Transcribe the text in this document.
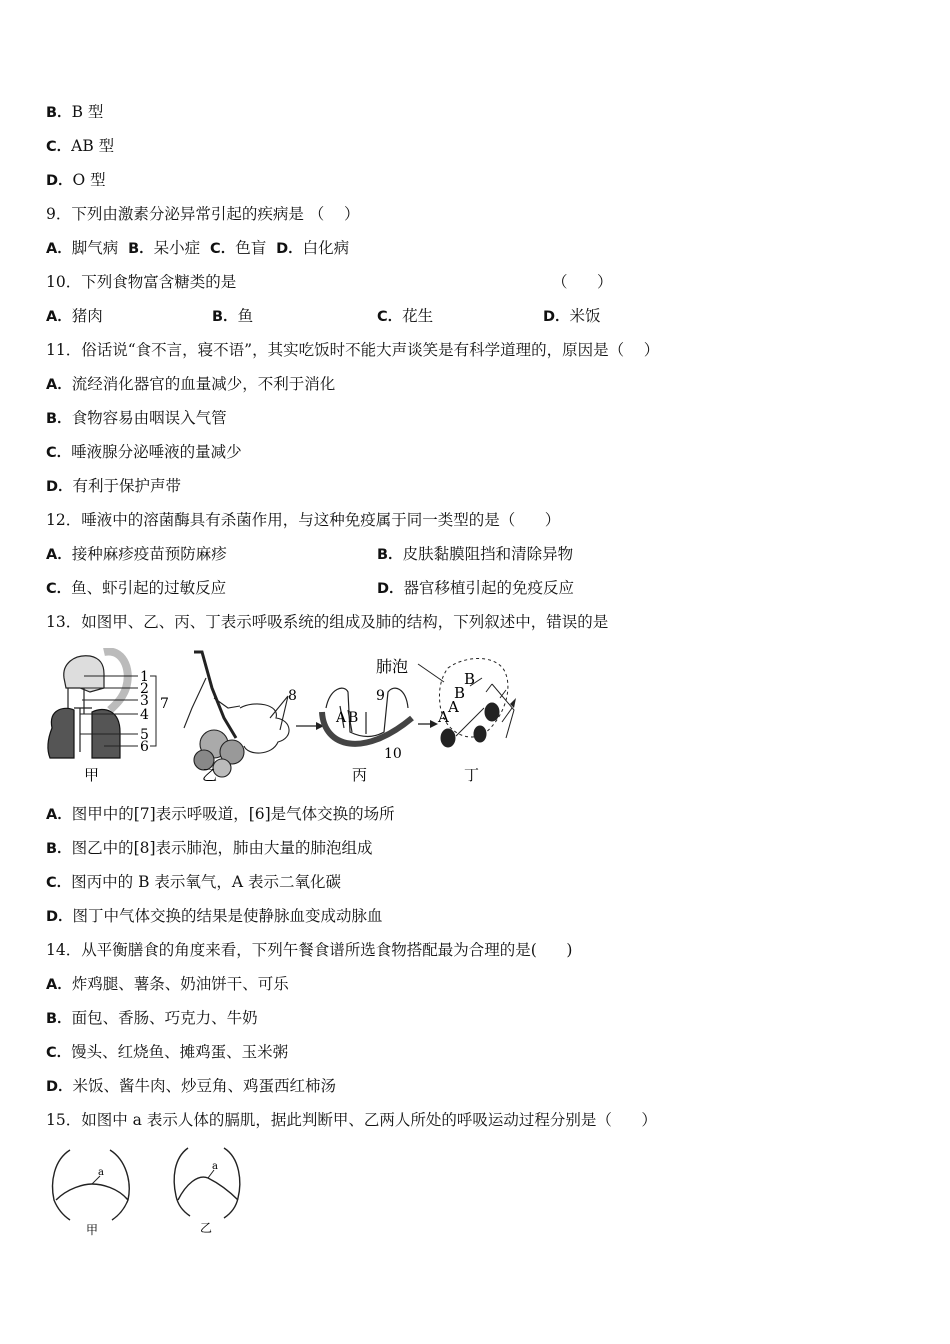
B．B 型
C．AB 型
D．O 型
9．下列由激素分泌异常引起的疾病是 （    ）
A．脚气病 B．呆小症 C．色盲 D．白化病
10．下列食物富含糖类的是	（      ）
A．猪肉	B．鱼	C．花生	D．米饭
11．俗话说“食不言，寝不语”，其实吃饭时不能大声谈笑是有科学道理的，原因是（    ）
A．流经消化器官的血量减少，不利于消化
B．食物容易由咽误入气管
C．唾液腺分泌唾液的量减少
D．有利于保护声带
12．唾液中的溶菌酶具有杀菌作用，与这种免疫属于同一类型的是（      ）
A．接种麻疹疫苗预防麻疹	B．皮肤黏膜阻挡和清除异物
C．鱼、虾引起的过敏反应	D．器官移植引起的免疫反应
13．如图甲、乙、丙、丁表示呼吸系统的组成及肺的结构，下列叙述中，错误的是
1
2
3
4
5
6
7
甲
8
乙
A B
9
10
丙
肺泡
A
A
B
B
丁
A．图甲中的[7]表示呼吸道，[6]是气体交换的场所
B．图乙中的[8]表示肺泡，肺由大量的肺泡组成
C．图丙中的 B 表示氧气，A 表示二氧化碳
D．图丁中气体交换的结果是使静脉血变成动脉血
14．从平衡膳食的角度来看，下列午餐食谱所选食物搭配最为合理的是(      )
A．炸鸡腿、薯条、奶油饼干、可乐
B．面包、香肠、巧克力、牛奶
C．馒头、红烧鱼、摊鸡蛋、玉米粥
D．米饭、酱牛肉、炒豆角、鸡蛋西红柿汤
15．如图中 a 表示人体的膈肌，据此判断甲、乙两人所处的呼吸运动过程分别是（      ）
a
甲
a
乙
